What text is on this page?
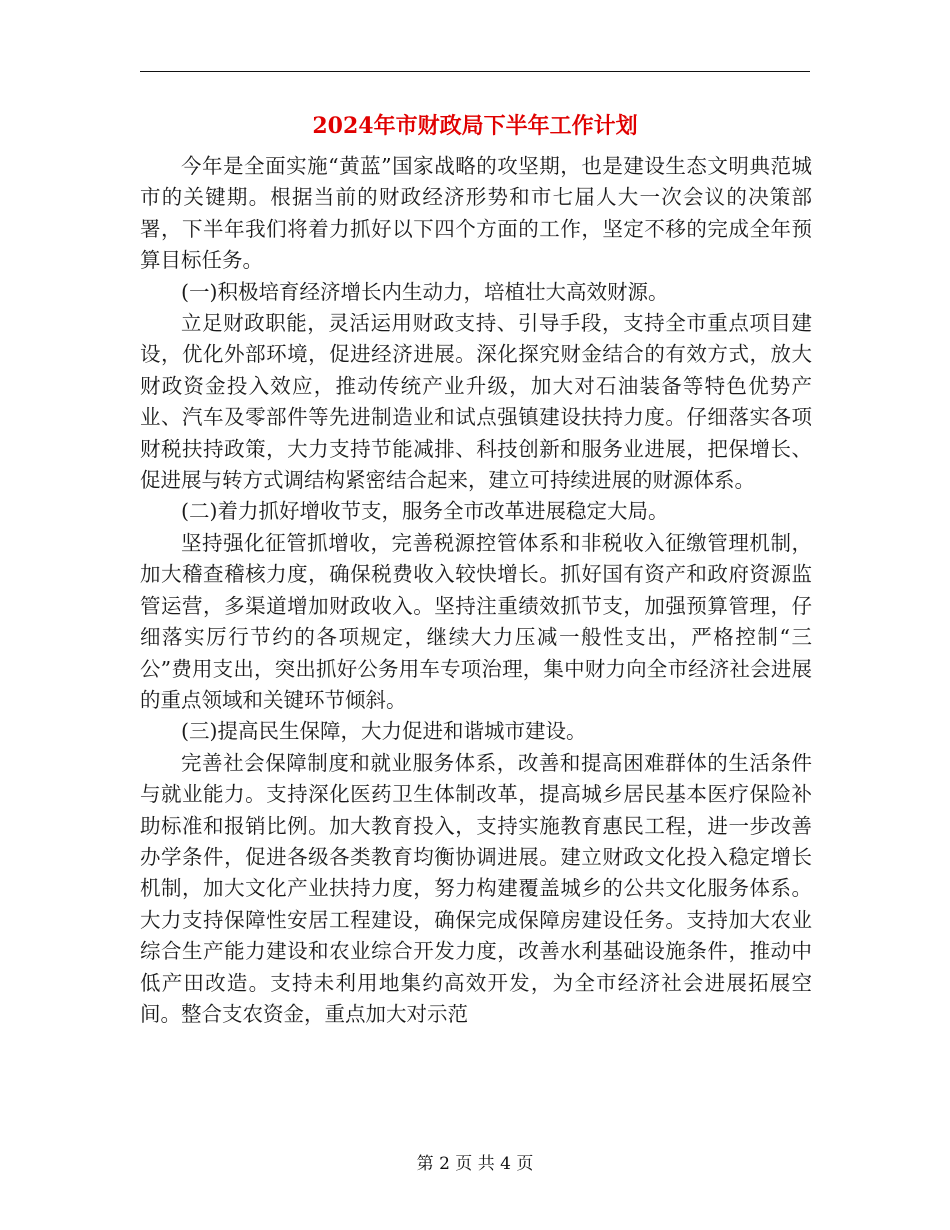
2024年市财政局下半年工作计划

今年是全面实施“黄蓝”国家战略的攻坚期，也是建设生态文明典范城市的关键期。根据当前的财政经济形势和市七届人大一次会议的决策部署，下半年我们将着力抓好以下四个方面的工作，坚定不移的完成全年预算目标任务。

(一)积极培育经济增长内生动力，培植壮大高效财源。

立足财政职能，灵活运用财政支持、引导手段，支持全市重点项目建设，优化外部环境，促进经济进展。深化探究财金结合的有效方式，放大财政资金投入效应，推动传统产业升级，加大对石油装备等特色优势产业、汽车及零部件等先进制造业和试点强镇建设扶持力度。仔细落实各项财税扶持政策，大力支持节能减排、科技创新和服务业进展，把保增长、促进展与转方式调结构紧密结合起来，建立可持续进展的财源体系。

(二)着力抓好增收节支，服务全市改革进展稳定大局。

坚持强化征管抓增收，完善税源控管体系和非税收入征缴管理机制，加大稽查稽核力度，确保税费收入较快增长。抓好国有资产和政府资源监管运营，多渠道增加财政收入。坚持注重绩效抓节支，加强预算管理，仔细落实厉行节约的各项规定，继续大力压减一般性支出，严格控制“三公”费用支出，突出抓好公务用车专项治理，集中财力向全市经济社会进展的重点领域和关键环节倾斜。

(三)提高民生保障，大力促进和谐城市建设。

完善社会保障制度和就业服务体系，改善和提高困难群体的生活条件与就业能力。支持深化医药卫生体制改革，提高城乡居民基本医疗保险补助标准和报销比例。加大教育投入，支持实施教育惠民工程，进一步改善办学条件，促进各级各类教育均衡协调进展。建立财政文化投入稳定增长机制，加大文化产业扶持力度，努力构建覆盖城乡的公共文化服务体系。大力支持保障性安居工程建设，确保完成保障房建设任务。支持加大农业综合生产能力建设和农业综合开发力度，改善水利基础设施条件，推动中低产田改造。支持未利用地集约高效开发，为全市经济社会进展拓展空间。整合支农资金，重点加大对示范

第 2 页 共 4 页
